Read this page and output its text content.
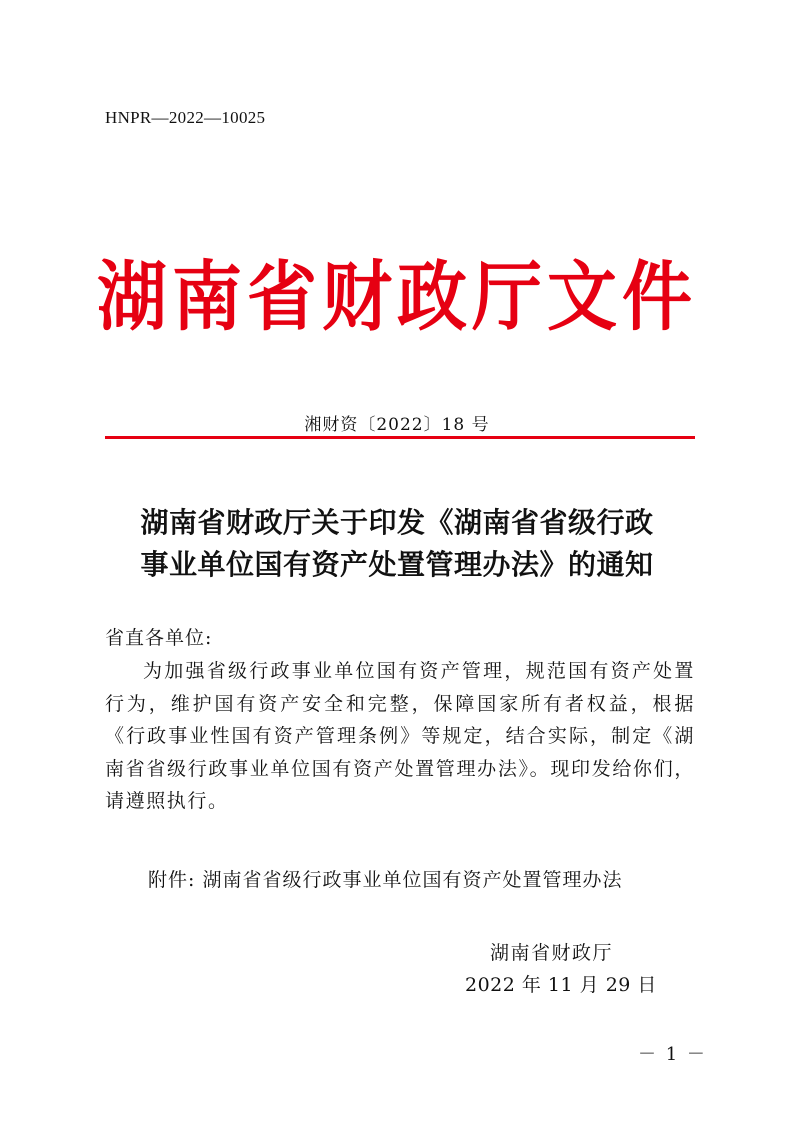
HNPR—2022—10025
湖南省财政厅文件
湘财资〔2022〕18 号
湖南省财政厅关于印发《湖南省省级行政
事业单位国有资产处置管理办法》的通知
省直各单位:

为加强省级行政事业单位国有资产管理，规范国有资产处置行为，维护国有资产安全和完整，保障国家所有者权益，根据《行政事业性国有资产管理条例》等规定，结合实际，制定《湖南省省级行政事业单位国有资产处置管理办法》。现印发给你们，请遵照执行。

附件: 湖南省省级行政事业单位国有资产处置管理办法
湖南省财政厅
2022 年 11 月 29 日
－ 1 －
